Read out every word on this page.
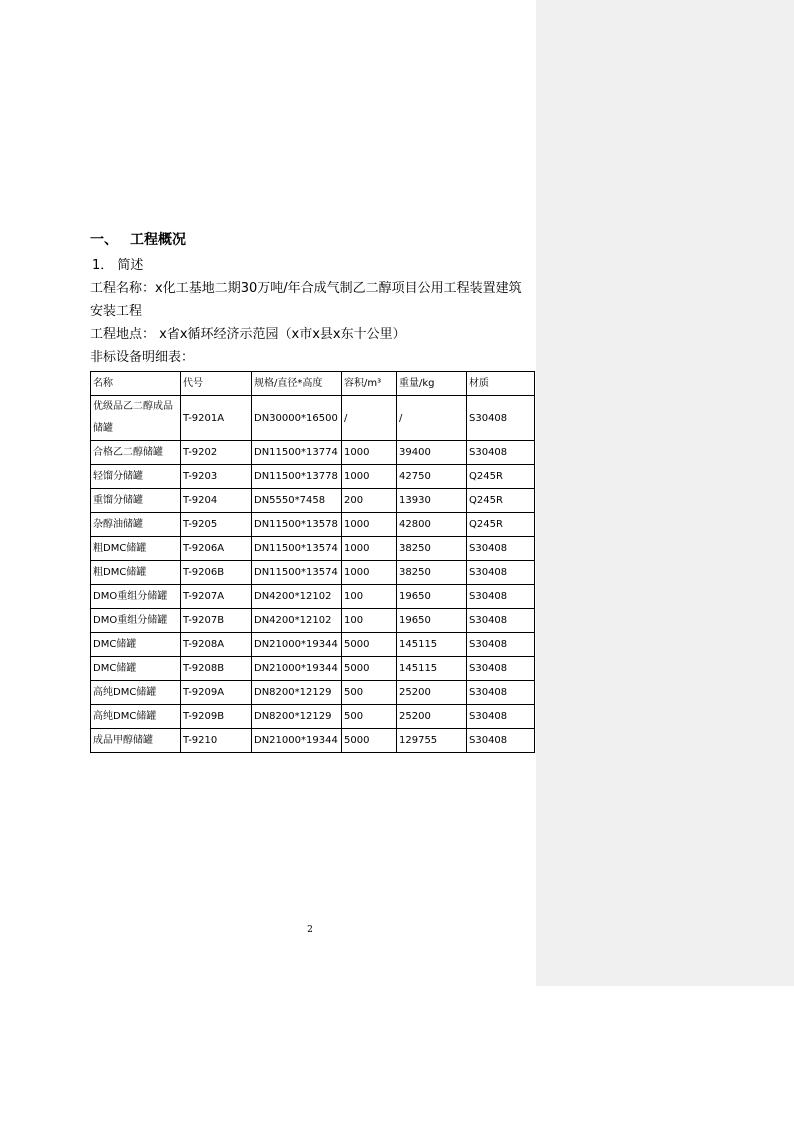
一、 工程概况

1． 简述

工程名称：x化工基地二期30万吨/年合成气制乙二醇项目公用工程装置建筑安装工程

工程地点： x省x循环经济示范园（x市x县x东十公里）

非标设备明细表：

名称	代号	规格/直径*高度	容积/m³	重量/kg	材质
优级品乙二醇成品储罐	T-9201A	DN30000*16500	/	/	S30408
合格乙二醇储罐	T-9202	DN11500*13774	1000	39400	S30408
轻馏分储罐	T-9203	DN11500*13778	1000	42750	Q245R
重馏分储罐	T-9204	DN5550*7458	200	13930	Q245R
杂醇油储罐	T-9205	DN11500*13578	1000	42800	Q245R
粗DMC储罐	T-9206A	DN11500*13574	1000	38250	S30408
粗DMC储罐	T-9206B	DN11500*13574	1000	38250	S30408
DMO重组分储罐	T-9207A	DN4200*12102	100	19650	S30408
DMO重组分储罐	T-9207B	DN4200*12102	100	19650	S30408
DMC储罐	T-9208A	DN21000*19344	5000	145115	S30408
DMC储罐	T-9208B	DN21000*19344	5000	145115	S30408
高纯DMC储罐	T-9209A	DN8200*12129	500	25200	S30408
高纯DMC储罐	T-9209B	DN8200*12129	500	25200	S30408
成品甲醇储罐	T-9210	DN21000*19344	5000	129755	S30408
2
